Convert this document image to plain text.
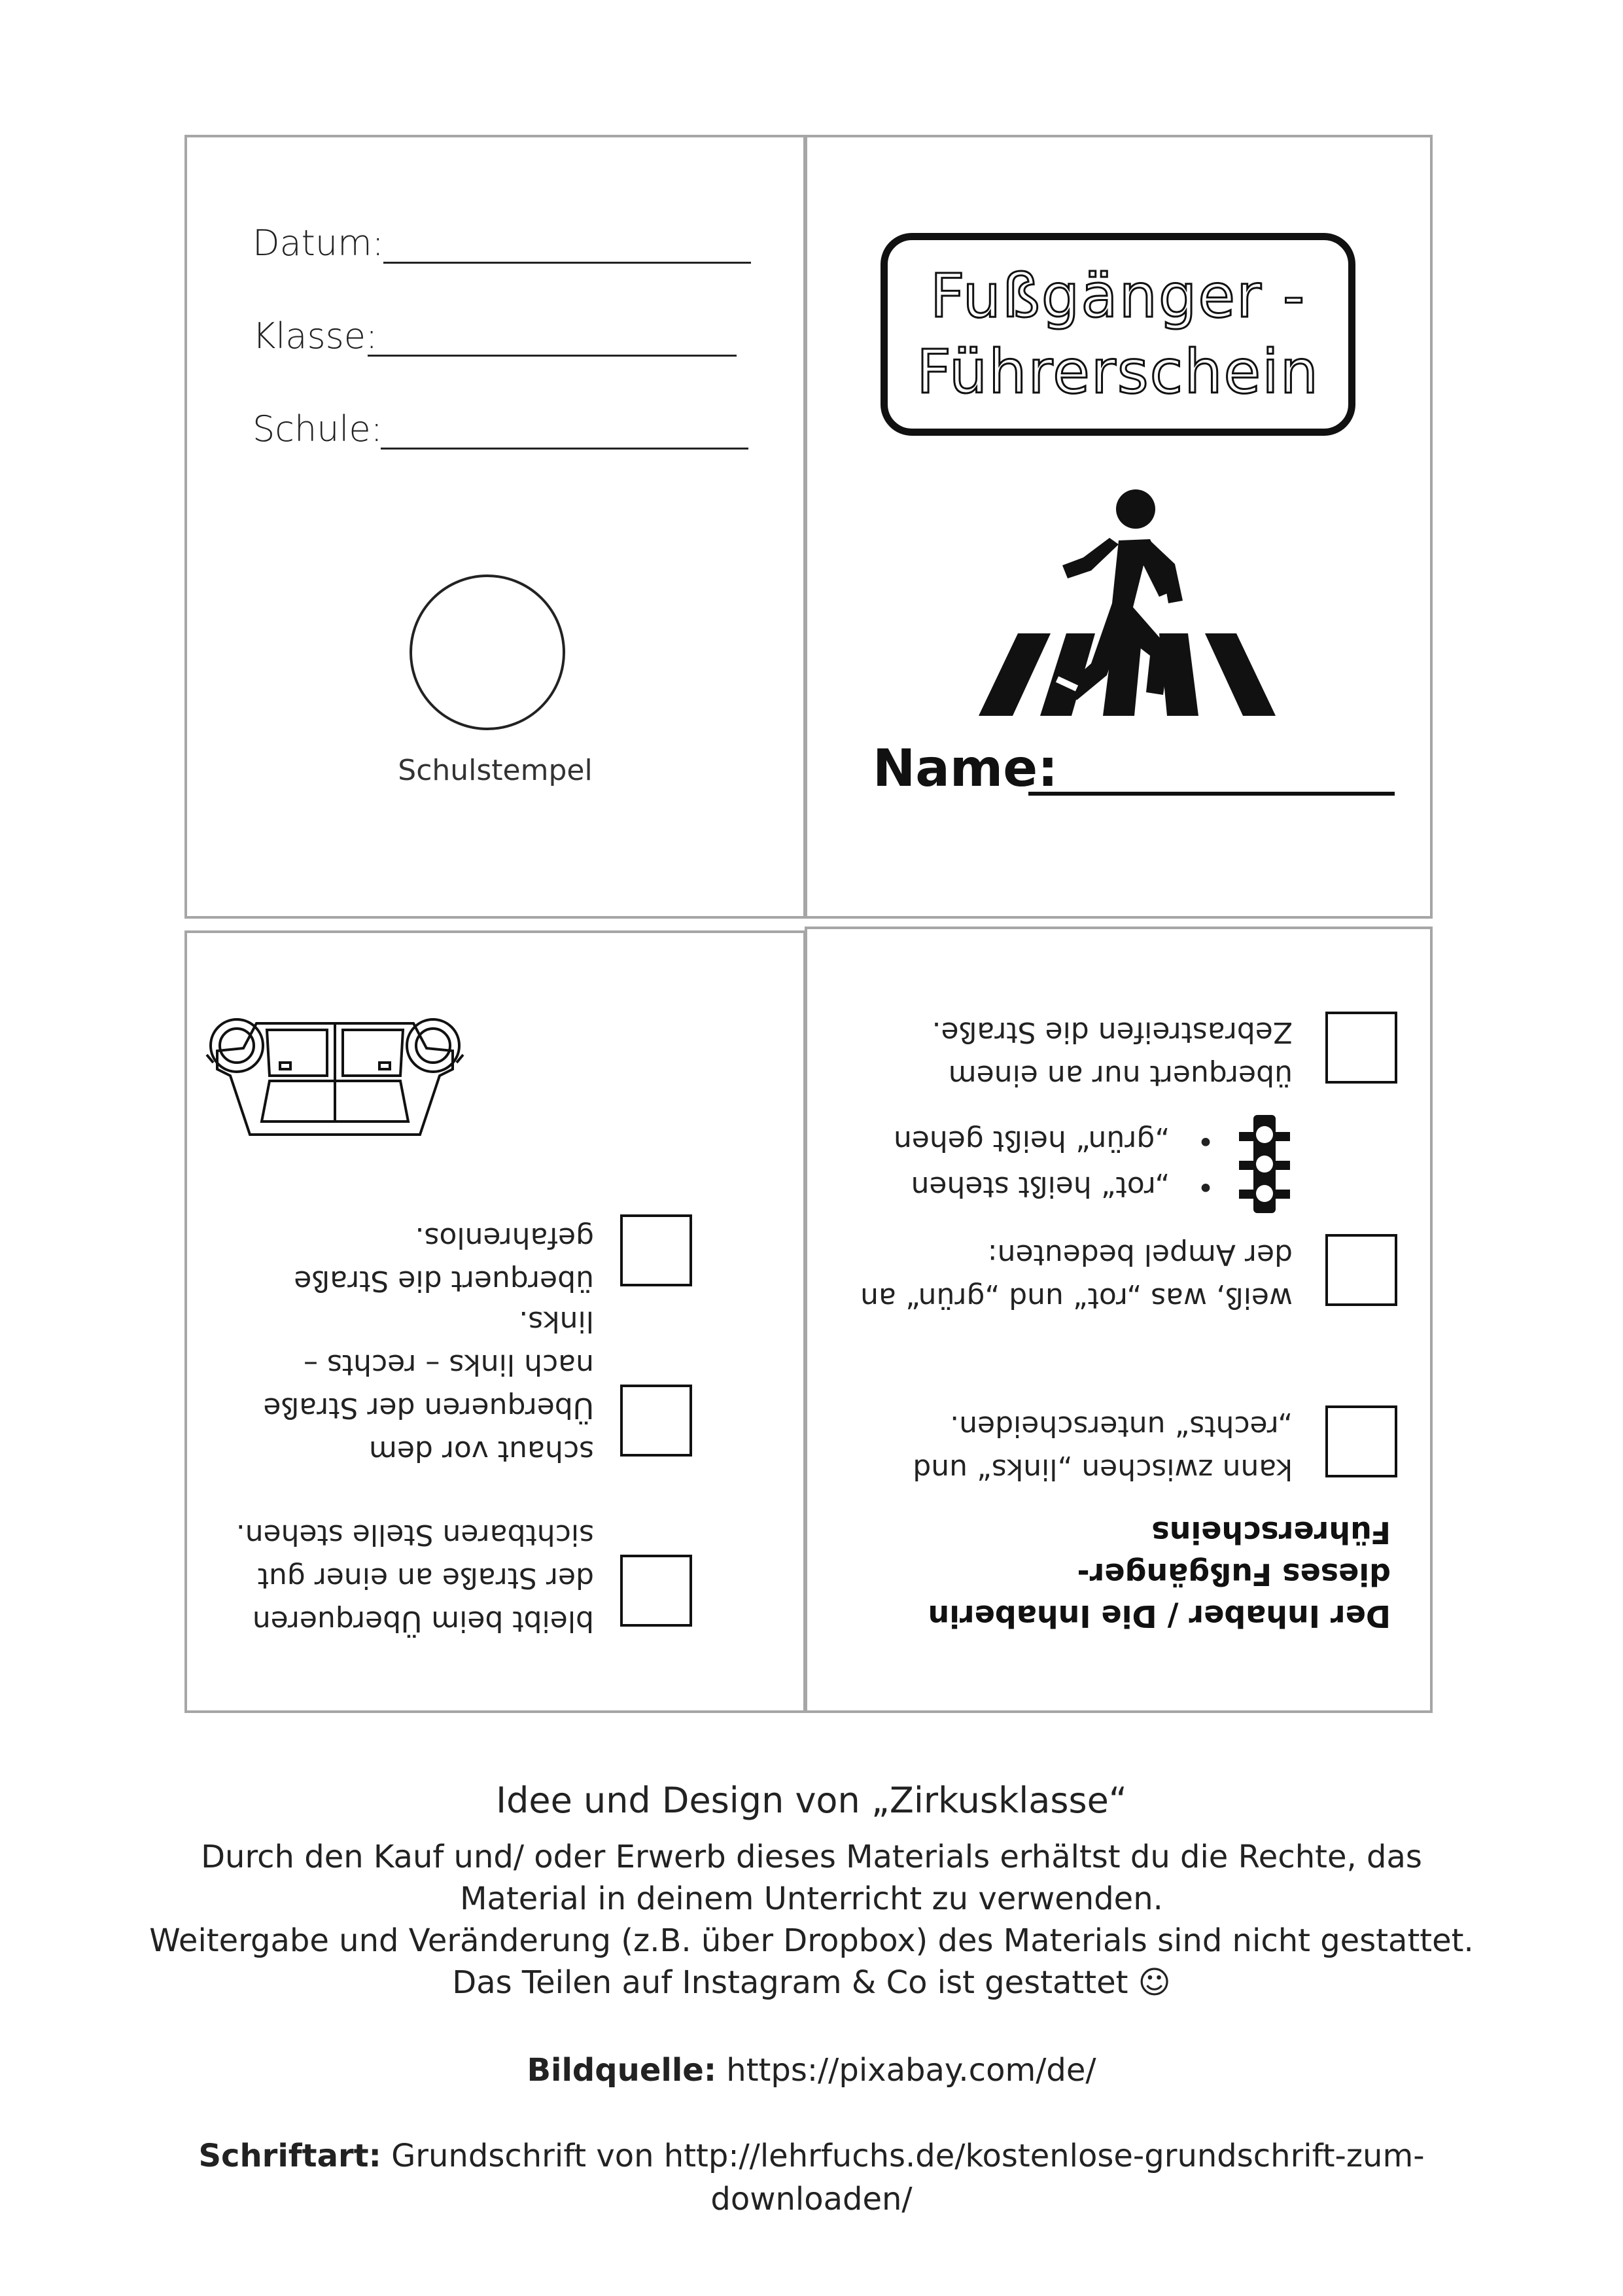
Datum:
Klasse:
Schule:
Schulstempel
Fußgänger -
Führerschein
Name:
bleibt beim Überqueren der Straße an einer gut sichtbaren Stelle stehen.
schaut vor dem Überqueren der Straße nach links – rechts – links.
überquert die Straße gefahrenlos.
Der Inhaber / Die Inhaberin dieses Fußgänger-Führerscheins
kann zwischen „links“ und „rechts“ unterscheiden.
weiß, was „rot“ und „grün“ an der Ampel bedeuten:
•   „rot“ heißt stehen
•   „grün“ heißt gehen
überquert nur an einem Zebrastreifen die Straße.
Idee und Design von „Zirkusklasse“
Durch den Kauf und/ oder Erwerb dieses Materials erhältst du die Rechte, das
Material in deinem Unterricht zu verwenden.
Weitergabe und Veränderung (z.B. über Dropbox) des Materials sind nicht gestattet.
Das Teilen auf Instagram & Co ist gestattet ☺
Bildquelle: https://pixabay.com/de/
Schriftart: Grundschrift von http://lehrfuchs.de/kostenlose-grundschrift-zum-
downloaden/
